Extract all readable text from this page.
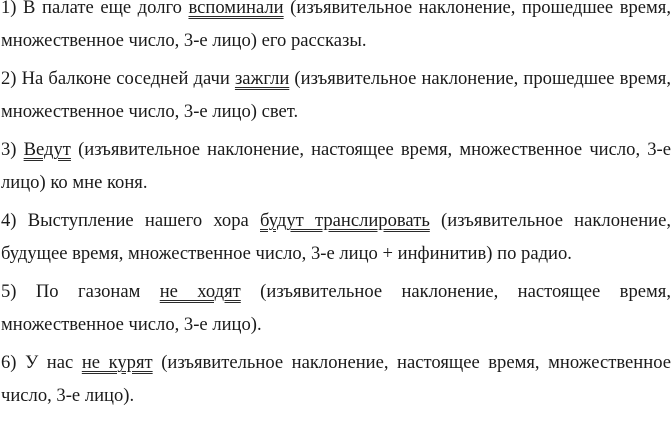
1) В палате еще долго вспоминали (изъявительное наклонение, прошедшее время, множественное число, 3-е лицо) его рассказы.

2) На балконе соседней дачи зажгли (изъявительное наклонение, прошедшее время, множественное число, 3-е лицо) свет.

3) Ведут (изъявительное наклонение, настоящее время, множественное число, 3-е лицо) ко мне коня.

4) Выступление нашего хора будут транслировать (изъявительное наклонение, будущее время, множественное число, 3-е лицо + инфинитив) по радио.

5) По газонам не ходят (изъявительное наклонение, настоящее время, множественное число, 3-е лицо).

6) У нас не курят (изъявительное наклонение, настоящее время, множественное число, 3-е лицо).
